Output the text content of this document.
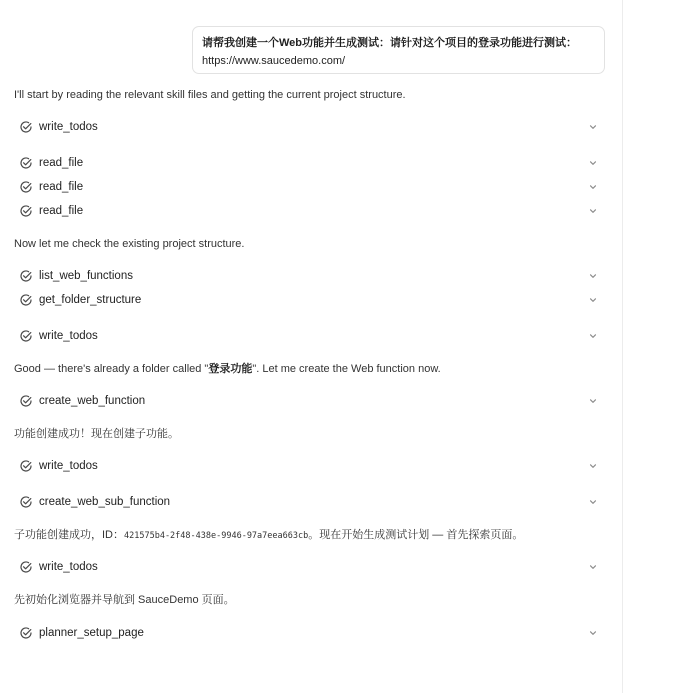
请帮我创建一个Web功能并生成测试：请针对这个项目的登录功能进行测试：
https://www.saucedemo.com/
I'll start by reading the relevant skill files and getting the current project structure.
write_todos
read_file
read_file
read_file
Now let me check the existing project structure.
list_web_functions
get_folder_structure
write_todos
Good — there's already a folder called "登录功能". Let me create the Web function now.
create_web_function
功能创建成功！现在创建子功能。
write_todos
create_web_sub_function
子功能创建成功，ID：421575b4-2f48-438e-9946-97a7eea663cb。现在开始生成测试计划 — 首先探索页面。
write_todos
先初始化浏览器并导航到 SauceDemo 页面。
planner_setup_page
